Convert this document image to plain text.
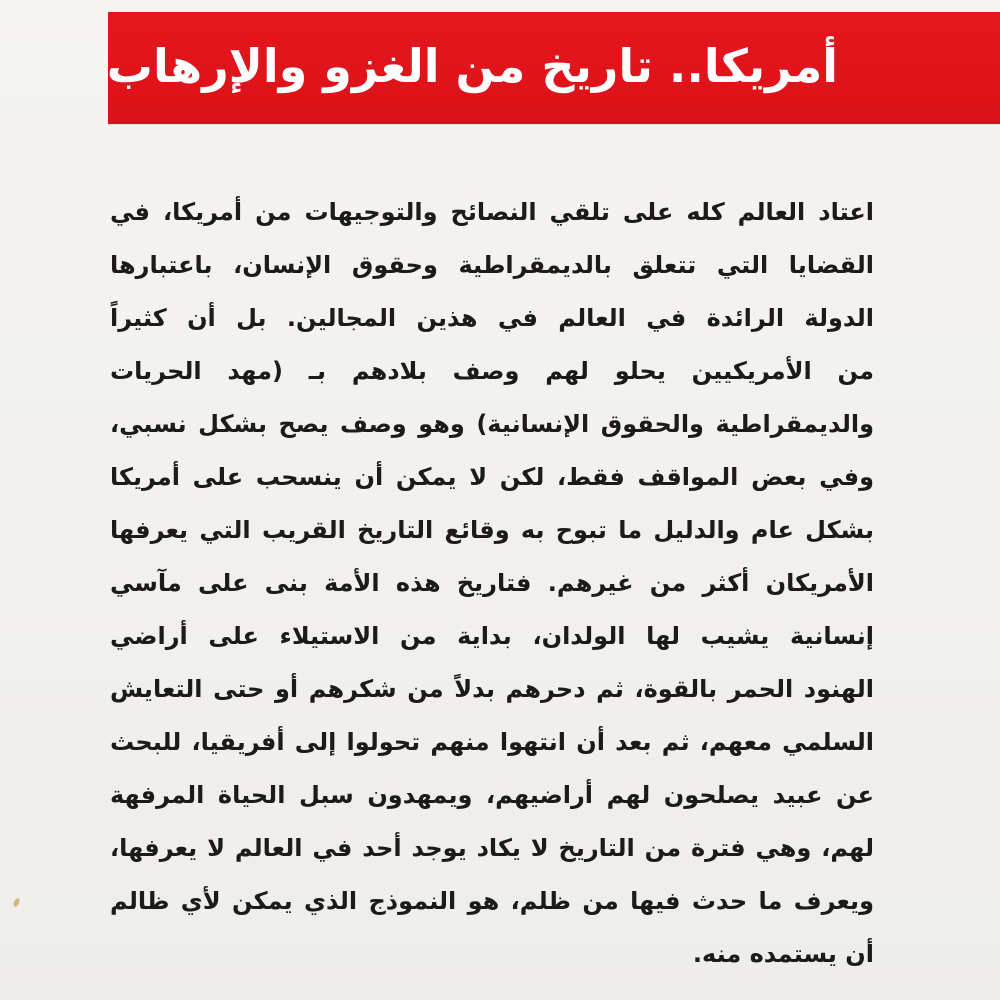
أمريكا.. تاريخ من الغزو والإرهاب
اعتاد العالم كله على تلقي النصائح والتوجيهات من أمريكا، في
القضايا التي تتعلق بالديمقراطية وحقوق الإنسان، باعتبارها
الدولة الرائدة في العالم في هذين المجالين. بل أن كثيراً
من الأمريكيين يحلو لهم وصف بلادهم بـ (مهد الحريات
والديمقراطية والحقوق الإنسانية) وهو وصف يصح بشكل نسبي،
وفي بعض المواقف فقط، لكن لا يمكن أن ينسحب على أمريكا
بشكل عام والدليل ما تبوح به وقائع التاريخ القريب التي يعرفها
الأمريكان أكثر من غيرهم. فتاريخ هذه الأمة بنى على مآسي
إنسانية يشيب لها الولدان، بداية من الاستيلاء على أراضي
الهنود الحمر بالقوة، ثم دحرهم بدلاً من شكرهم أو حتى التعايش
السلمي معهم، ثم بعد أن انتهوا منهم تحولوا إلى أفريقيا، للبحث
عن عبيد يصلحون لهم أراضيهم، ويمهدون سبل الحياة المرفهة
لهم، وهي فترة من التاريخ لا يكاد يوجد أحد في العالم لا يعرفها،
ويعرف ما حدث فيها من ظلم، هو النموذج الذي يمكن لأي ظالم
أن يستمده منه.
